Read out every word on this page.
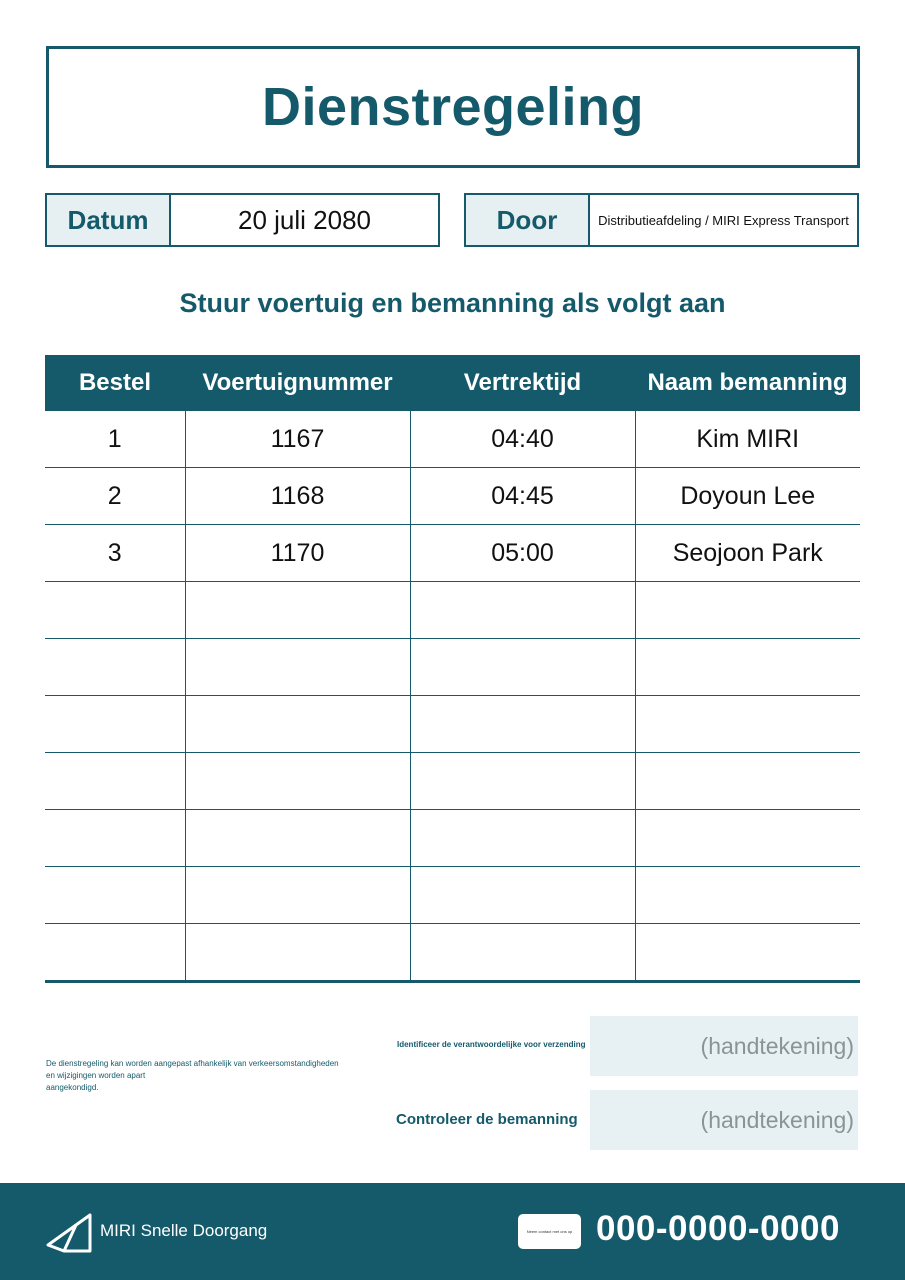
Dienstregeling
Datum	20 juli 2080	Door	Distributieafdeling / MIRI Express Transport
Stuur voertuig en bemanning als volgt aan
Bestel	Voertuignummer	Vertrektijd	Naam bemanning
1	1167	04:40	Kim MIRI
2	1168	04:45	Doyoun Lee
3	1170	05:00	Seojoon Park

De dienstregeling kan worden aangepast afhankelijk van verkeersomstandigheden
en wijzigingen worden apart
aangekondigd.
Identificeer de verantwoordelijke voor verzending	(handtekening)
Controleer de bemanning	(handtekening)
MIRI Snelle Doorgang	Neem contact met ons op 000-0000-0000
